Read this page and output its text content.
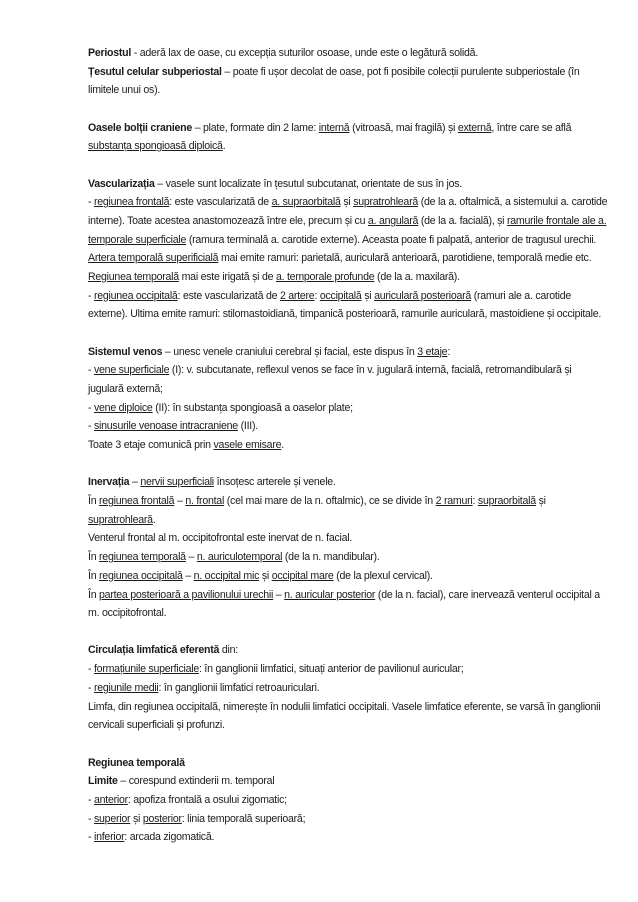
Periostul - aderă lax de oase, cu excepția suturilor osoase, unde este o legătură solidă.

Țesutul celular subperiostal – poate fi ușor decolat de oase, pot fi posibile colecții purulente subperiostale (în limitele unui os).

Oasele bolții craniene – plate, formate din 2 lame: internă (vitroasă, mai fragilă) și externă, între care se află substanța spongioasă diploică.

Vascularizația – vasele sunt localizate în țesutul subcutanat, orientate de sus în jos.

- regiunea frontală: este vascularizată de a. supraorbitală și supratrohleară (de la a. oftalmică, a sistemului a. carotide interne). Toate acestea anastomozează între ele, precum și cu a. angulară (de la a. facială), și ramurile frontale ale a. temporale superficiale (ramura terminală a. carotide externe). Aceasta poate fi palpată, anterior de tragusul urechii.

Artera temporală superificială mai emite ramuri: parietală, auriculară anterioară, parotidiene, temporală medie etc.

Regiunea temporală mai este irigată și de a. temporale profunde (de la a. maxilară).

- regiunea occipitală: este vascularizată de 2 artere: occipitală și auriculară posterioară (ramuri ale a. carotide externe). Ultima emite ramuri: stilomastoidiană, timpanică posterioară, ramurile auriculară, mastoidiene și occipitale.

Sistemul venos – unesc venele craniului cerebral și facial, este dispus în 3 etaje:

- vene superficiale (I): v. subcutanate, reflexul venos se face în v. jugulară internă, facială, retromandibulară și jugulară externă;

- vene diploice (II): în substanța spongioasă a oaselor plate;

- sinusurile venoase intracraniene (III).

Toate 3 etaje comunică prin vasele emisare.

Inervația – nervii superficiali însoțesc arterele și venele.

În regiunea frontală – n. frontal (cel mai mare de la n. oftalmic), ce se divide în 2 ramuri: supraorbitală și supratrohleară.

Venterul frontal al m. occipitofrontal este inervat de n. facial.

În regiunea temporală – n. auriculotemporal (de la n. mandibular).

În regiunea occipitală – n. occipital mic și occipital mare (de la plexul cervical).

În partea posterioară a pavilionului urechii – n. auricular posterior (de la n. facial), care inervează venterul occipital a m. occipitofrontal.

Circulația limfatică eferentă din:

- formațiunile superficiale: în ganglionii limfatici, situați anterior de pavilionul auricular;

- regiunile medii: în ganglionii limfatici retroauriculari.

Limfa, din regiunea occipitală, nimerește în nodulii limfatici occipitali. Vasele limfatice eferente, se varsă în ganglionii cervicali superficiali și profunzi.

Regiunea temporală

Limite – corespund extinderii m. temporal

- anterior: apofiza frontală a osului zigomatic;

- superior și posterior: linia temporală superioară;

- inferior: arcada zigomatică.
